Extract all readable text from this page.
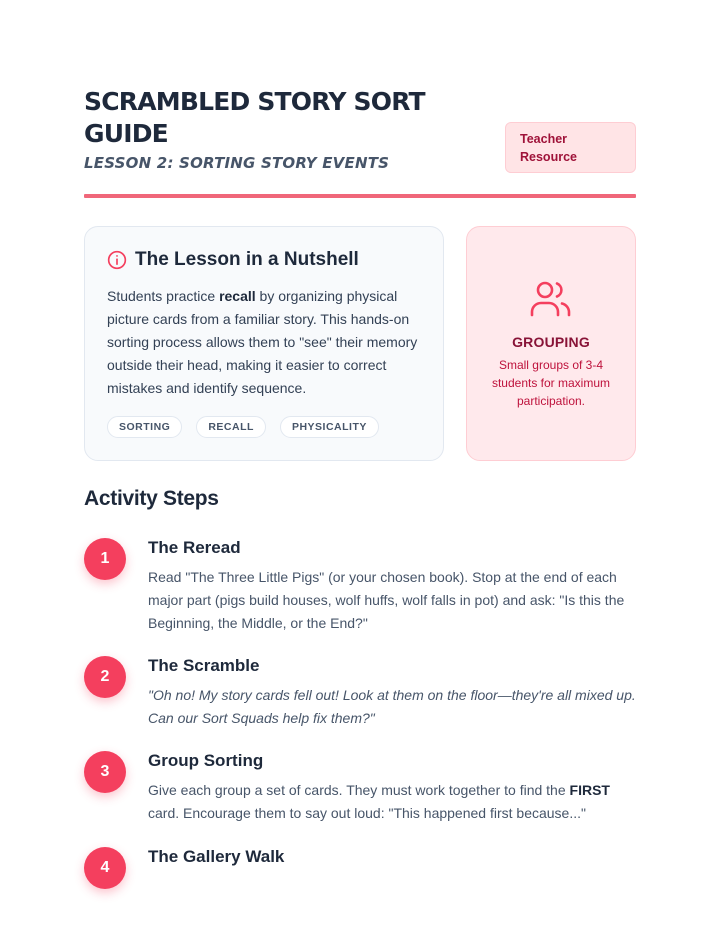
SCRAMBLED STORY SORT GUIDE
LESSON 2: SORTING STORY EVENTS
Teacher Resource
The Lesson in a Nutshell

Students practice recall by organizing physical picture cards from a familiar story. This hands-on sorting process allows them to "see" their memory outside their head, making it easier to correct mistakes and identify sequence.

SORTING	RECALL	PHYSICALITY
GROUPING
Small groups of 3-4 students for maximum participation.
Activity Steps
1
The Reread

Read "The Three Little Pigs" (or your chosen book). Stop at the end of each major part (pigs build houses, wolf huffs, wolf falls in pot) and ask: "Is this the Beginning, the Middle, or the End?"

2
The Scramble

"Oh no! My story cards fell out! Look at them on the floor—they're all mixed up. Can our Sort Squads help fix them?"

3
Group Sorting

Give each group a set of cards. They must work together to find the FIRST card. Encourage them to say out loud: "This happened first because..."

4
The Gallery Walk
